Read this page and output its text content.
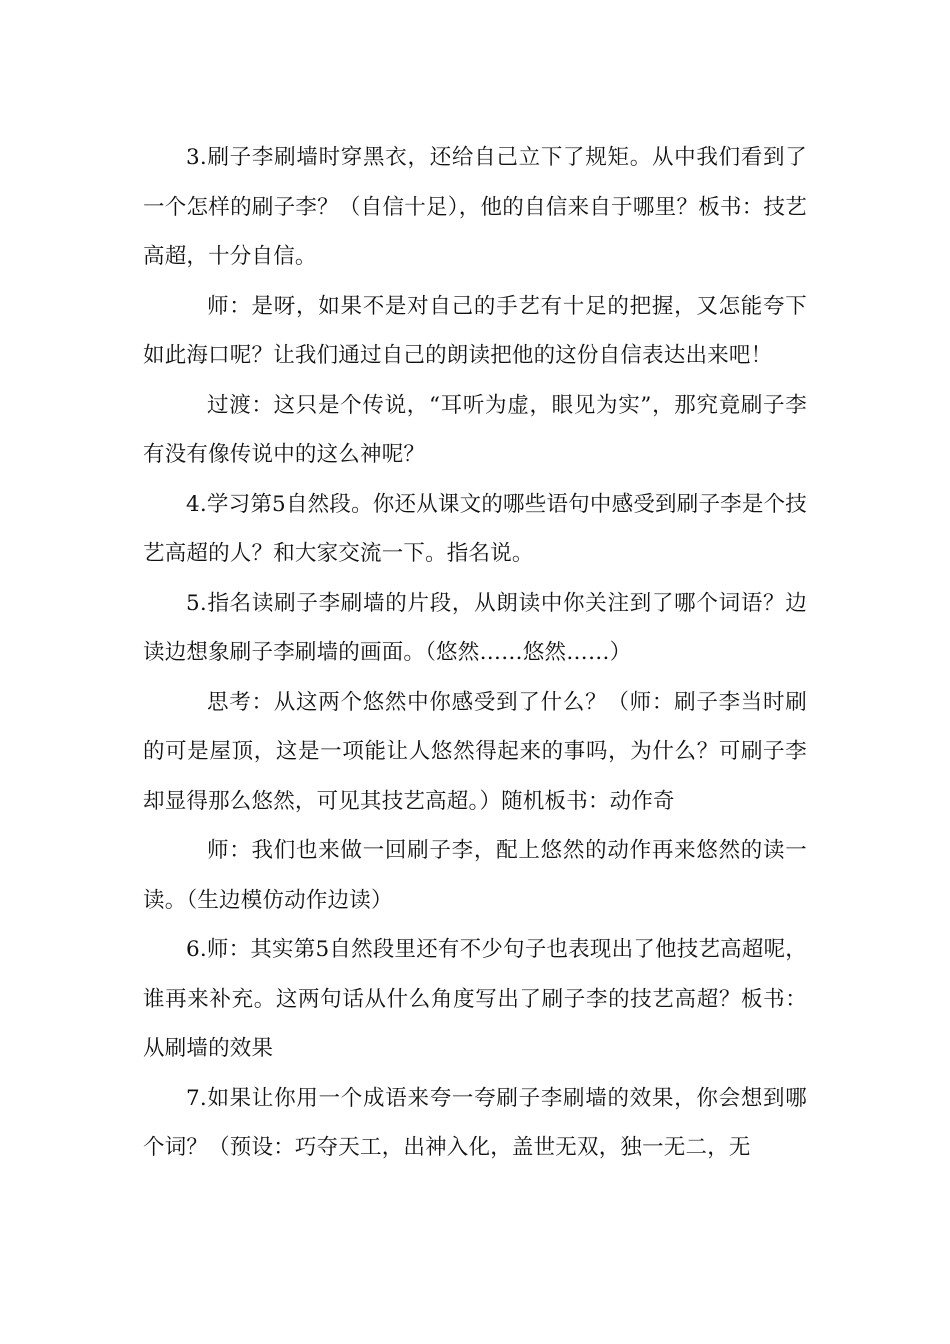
3.刷子李刷墙时穿黑衣，还给自己立下了规矩。从中我们看到了一个怎样的刷子李？（自信十足），他的自信来自于哪里？板书：技艺高超，十分自信。

师：是呀，如果不是对自己的手艺有十足的把握，又怎能夸下如此海口呢？让我们通过自己的朗读把他的这份自信表达出来吧！

过渡：这只是个传说，“耳听为虚，眼见为实”，那究竟刷子李有没有像传说中的这么神呢？

4.学习第5自然段。你还从课文的哪些语句中感受到刷子李是个技艺高超的人？和大家交流一下。指名说。

5.指名读刷子李刷墙的片段，从朗读中你关注到了哪个词语？边读边想象刷子李刷墙的画面。（悠然……悠然……）

思考：从这两个悠然中你感受到了什么？（师：刷子李当时刷的可是屋顶，这是一项能让人悠然得起来的事吗，为什么？可刷子李却显得那么悠然，可见其技艺高超。）随机板书：动作奇

师：我们也来做一回刷子李，配上悠然的动作再来悠然的读一读。（生边模仿动作边读）

6.师：其实第5自然段里还有不少句子也表现出了他技艺高超呢，谁再来补充。这两句话从什么角度写出了刷子李的技艺高超？板书：从刷墙的效果

7.如果让你用一个成语来夸一夸刷子李刷墙的效果，你会想到哪个词？（预设：巧夺天工，出神入化，盖世无双，独一无二，无
